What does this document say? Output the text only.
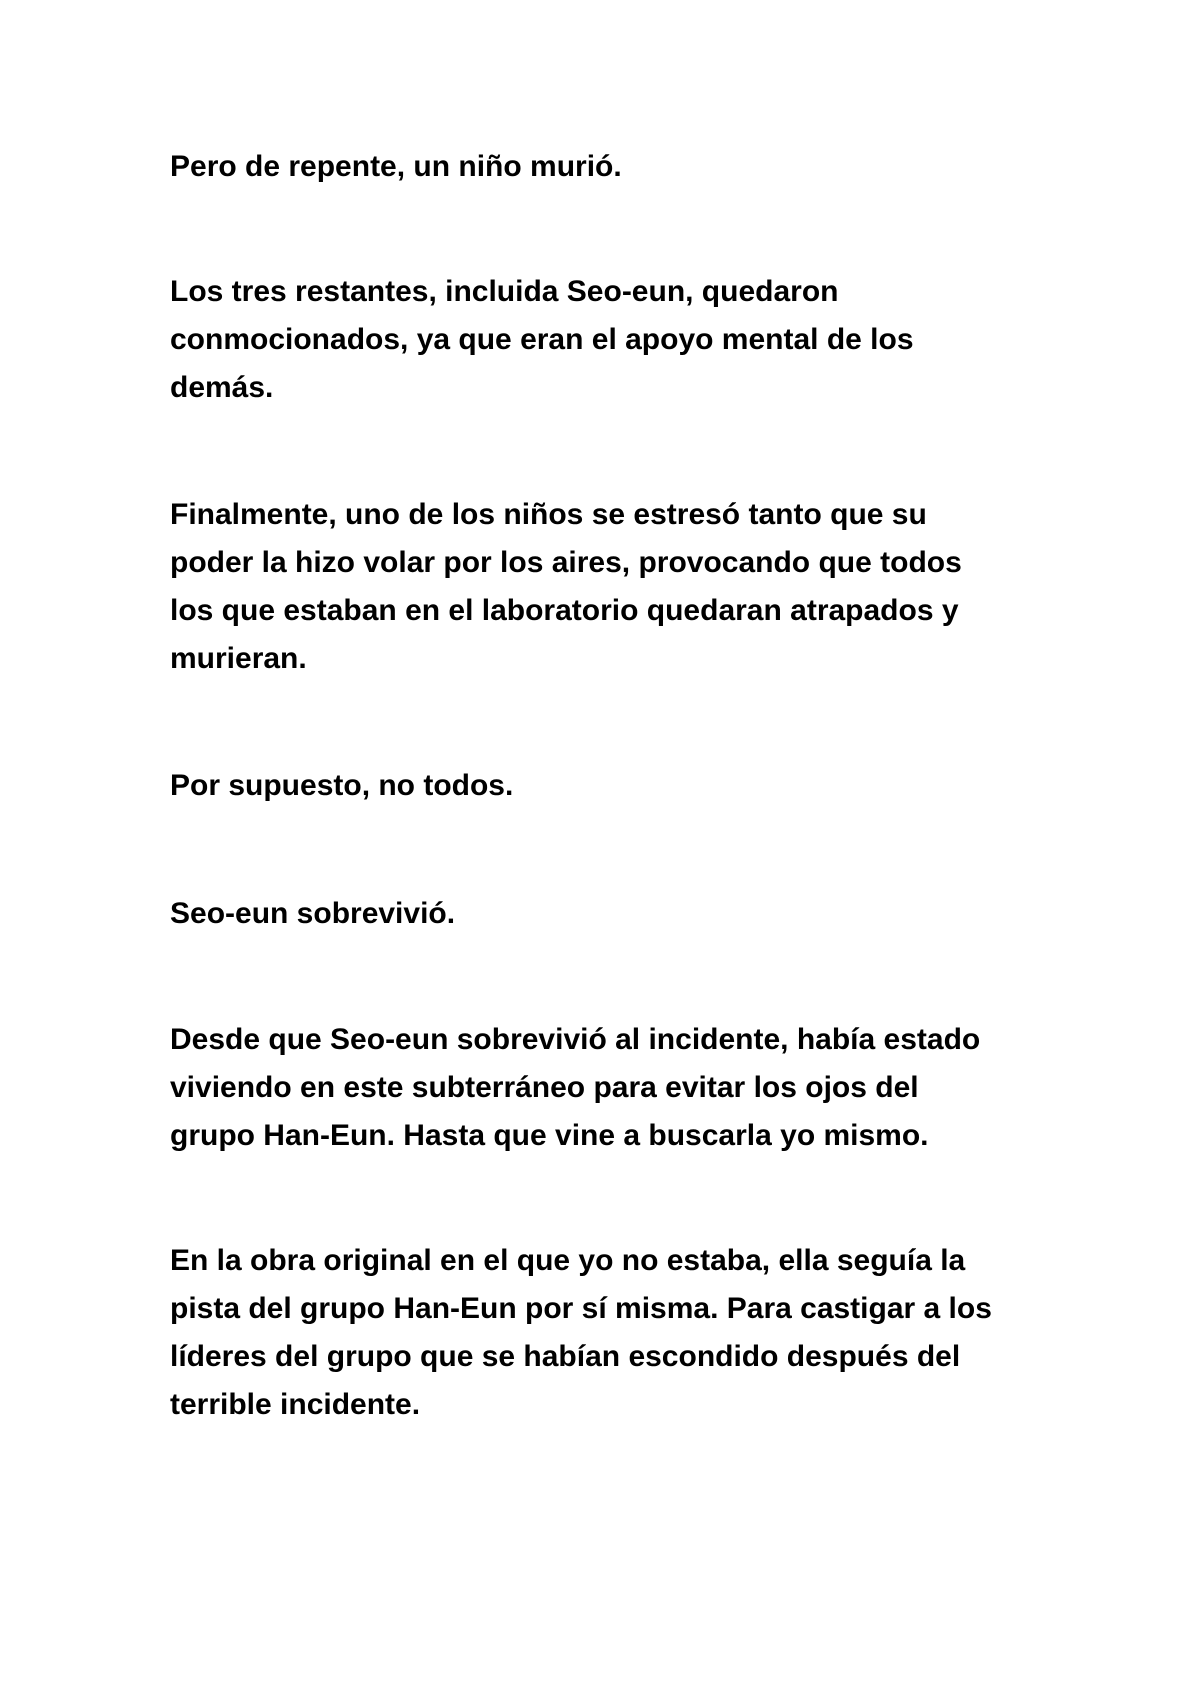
Pero de repente, un niño murió.

Los tres restantes, incluida Seo-eun, quedaron
conmocionados, ya que eran el apoyo mental de los
demás.

Finalmente, uno de los niños se estresó tanto que su
poder la hizo volar por los aires, provocando que todos
los que estaban en el laboratorio quedaran atrapados y
murieran.

Por supuesto, no todos.

Seo-eun sobrevivió.

Desde que Seo-eun sobrevivió al incidente, había estado
viviendo en este subterráneo para evitar los ojos del
grupo Han-Eun. Hasta que vine a buscarla yo mismo.

En la obra original en el que yo no estaba, ella seguía la
pista del grupo Han-Eun por sí misma. Para castigar a los
líderes del grupo que se habían escondido después del
terrible incidente.
